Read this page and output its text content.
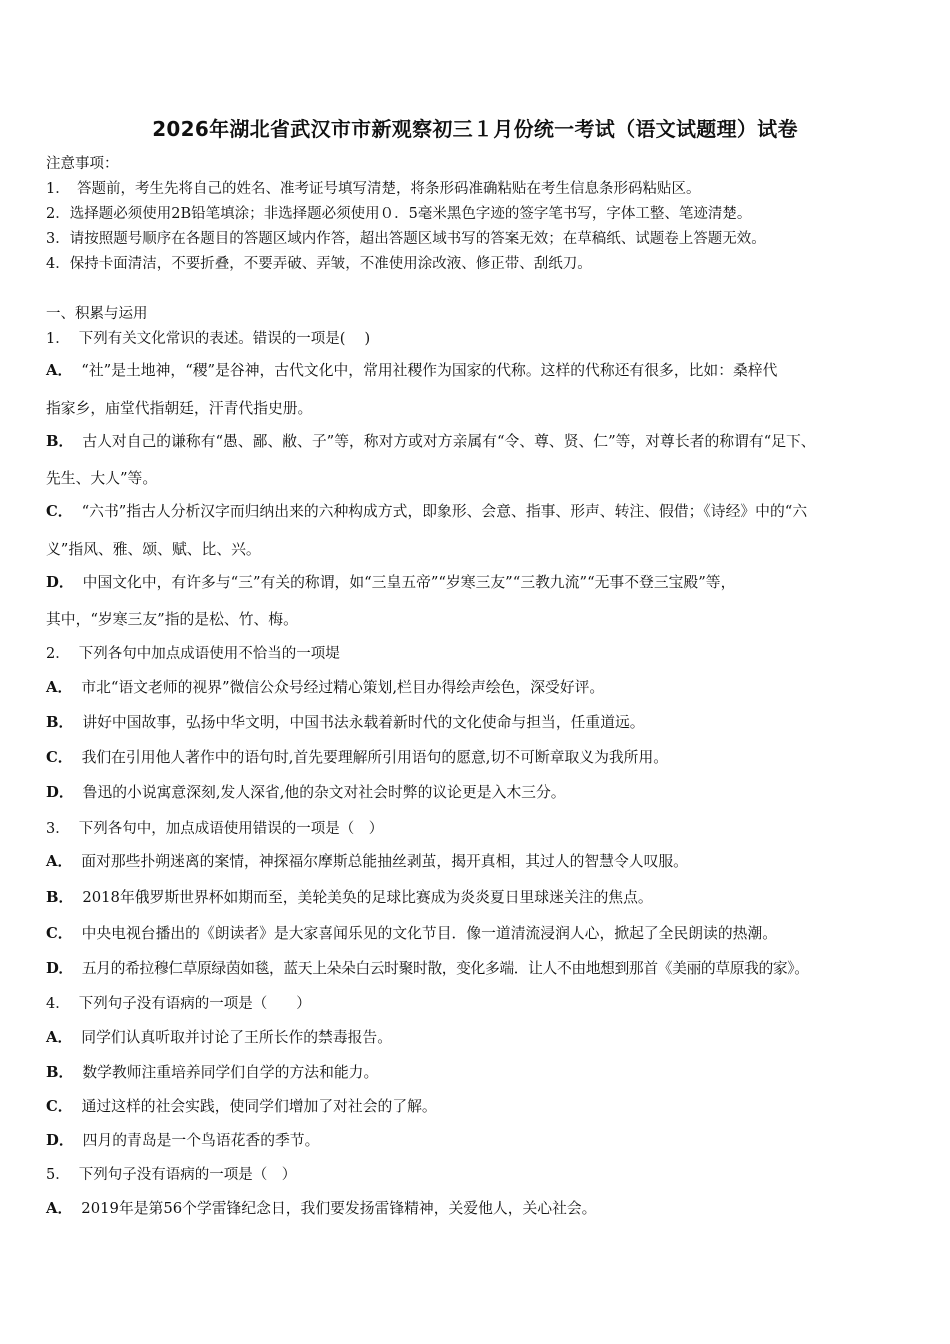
2026年湖北省武汉市市新观察初三１月份统一考试（语文试题理）试卷
注意事项：
1．　答题前，考生先将自己的姓名、准考证号填写清楚，将条形码准确粘贴在考生信息条形码粘贴区。
2．选择题必须使用2B铅笔填涂；非选择题必须使用０．5毫米黑色字迹的签字笔书写，字体工整、笔迹清楚。
3．请按照题号顺序在各题目的答题区域内作答，超出答题区域书写的答案无效；在草稿纸、试题卷上答题无效。
4．保持卡面清洁，不要折叠，不要弄破、弄皱，不准使用涂改液、修正带、刮纸刀。
一、积累与运用
1． 下列有关文化常识的表述。错误的一项是(　 )
A． “社”是土地神，“稷”是谷神，古代文化中，常用社稷作为国家的代称。这样的代称还有很多，比如：桑梓代
指家乡，庙堂代指朝廷，汗青代指史册。
B． 古人对自己的谦称有“愚、鄙、敝、子”等，称对方或对方亲属有“令、尊、贤、仁”等，对尊长者的称谓有“足下、
先生、大人”等。
C． “六书”指古人分析汉字而归纳出来的六种构成方式，即象形、会意、指事、形声、转注、假借；《诗经》中的“六
义”指风、雅、颂、赋、比、兴。
D． 中国文化中，有许多与“三”有关的称谓，如“三皇五帝”“岁寒三友”“三教九流”“无事不登三宝殿”等，
其中，“岁寒三友”指的是松、竹、梅。
2． 下列各句中加点成语使用不恰当的一项堤
A． 市北“语文老师的视界”微信公众号经过精心策划,栏目办得绘声绘色，深受好评。
B． 讲好中国故事，弘扬中华文明，中国书法永载着新时代的文化使命与担当，任重道远。
C． 我们在引用他人著作中的语句时,首先要理解所引用语句的愿意,切不可断章取义为我所用。
D． 鲁迅的小说寓意深刻,发人深省,他的杂文对社会时弊的议论更是入木三分。
3． 下列各句中，加点成语使用错误的一项是（　）
A． 面对那些扑朔迷离的案情，神探福尔摩斯总能抽丝剥茧，揭开真相，其过人的智慧令人叹服。
B． 2018年俄罗斯世界杯如期而至，美轮美奂的足球比赛成为炎炎夏日里球迷关注的焦点。
C． 中央电视台播出的《朗读者》是大家喜闻乐见的文化节目．像一道清流浸润人心，掀起了全民朗读的热潮。
D． 五月的希拉穆仁草原绿茵如毯，蓝天上朵朵白云时聚时散，变化多端．让人不由地想到那首《美丽的草原我的家》。
4． 下列句子没有语病的一项是（　　）
A． 同学们认真听取并讨论了王所长作的禁毒报告。
B． 数学教师注重培养同学们自学的方法和能力。
C． 通过这样的社会实践，使同学们增加了对社会的了解。
D． 四月的青岛是一个鸟语花香的季节。
5． 下列句子没有语病的一项是（　）
A． 2019年是第56个学雷锋纪念日，我们要发扬雷锋精神，关爱他人，关心社会。
